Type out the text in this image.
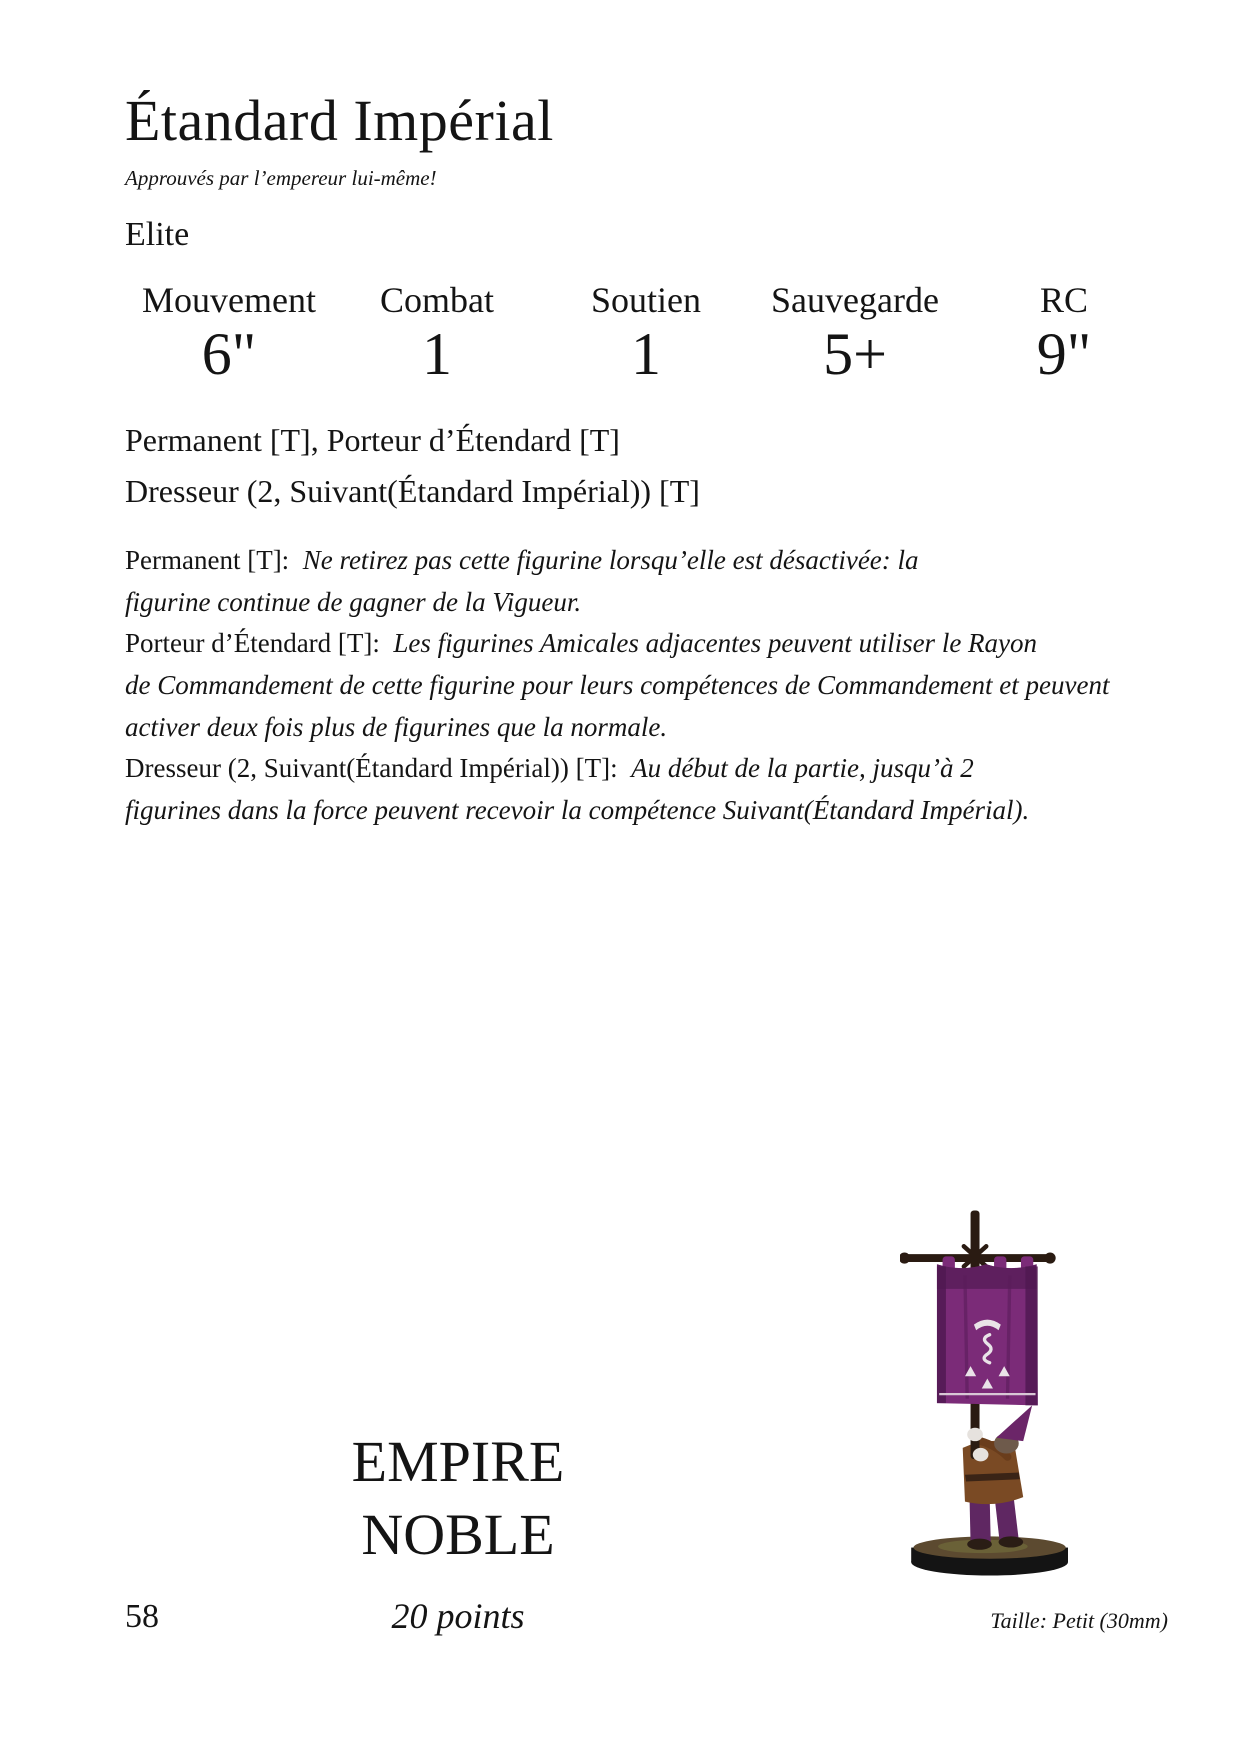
Étandard Impérial
Approuvés par l’empereur lui-même!
Elite
Mouvement	Combat	Soutien	Sauvegarde	RC
6"	1	1	5+	9"
Permanent [T], Porteur d’Étendard [T]
Dresseur (2, Suivant(Étandard Impérial)) [T]
Permanent [T]: Ne retirez pas cette figurine lorsqu’elle est désactivée: la
figurine continue de gagner de la Vigueur.
Porteur d’Étendard [T]: Les figurines Amicales adjacentes peuvent utiliser le Rayon
de Commandement de cette figurine pour leurs compétences de Commandement et peuvent
activer deux fois plus de figurines que la normale.
Dresseur (2, Suivant(Étandard Impérial)) [T]: Au début de la partie, jusqu’à 2
figurines dans la force peuvent recevoir la compétence Suivant(Étandard Impérial).
EMPIRE
NOBLE
20 points
58	Taille: Petit (30mm)
